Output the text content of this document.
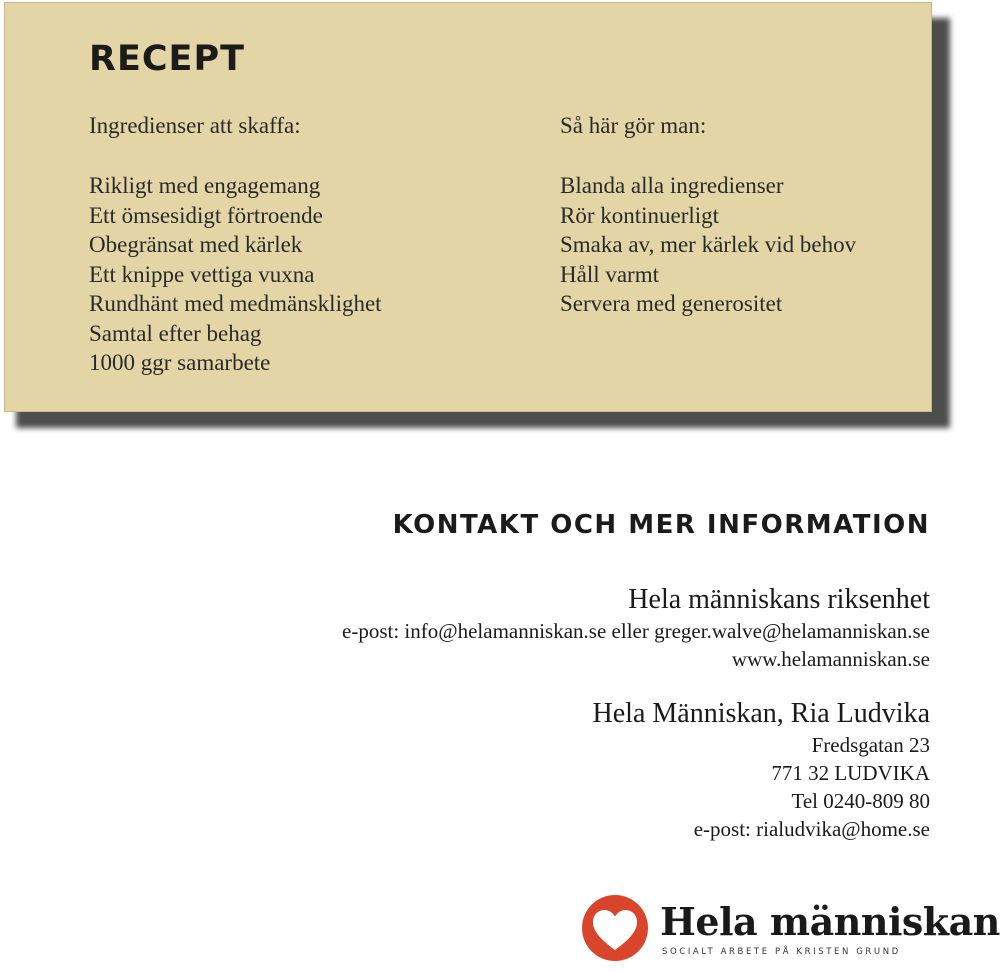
RECEPT
Ingredienser att skaffa:
Rikligt med engagemang
Ett ömsesidigt förtroende
Obegränsat med kärlek
Ett knippe vettiga vuxna
Rundhänt med medmänsklighet
Samtal efter behag
1000 ggr samarbete
Så här gör man:
Blanda alla ingredienser
Rör kontinuerligt
Smaka av, mer kärlek vid behov
Håll varmt
Servera med generositet
KONTAKT OCH MER INFORMATION
Hela människans riksenhet
e-post: info@helamanniskan.se eller greger.walve@helamanniskan.se
www.helamanniskan.se
Hela Människan, Ria Ludvika
Fredsgatan 23
771 32 LUDVIKA
Tel 0240-809 80
e-post: rialudvika@home.se

Hela människan

SOCIALT ARBETE PÅ KRISTEN GRUND
